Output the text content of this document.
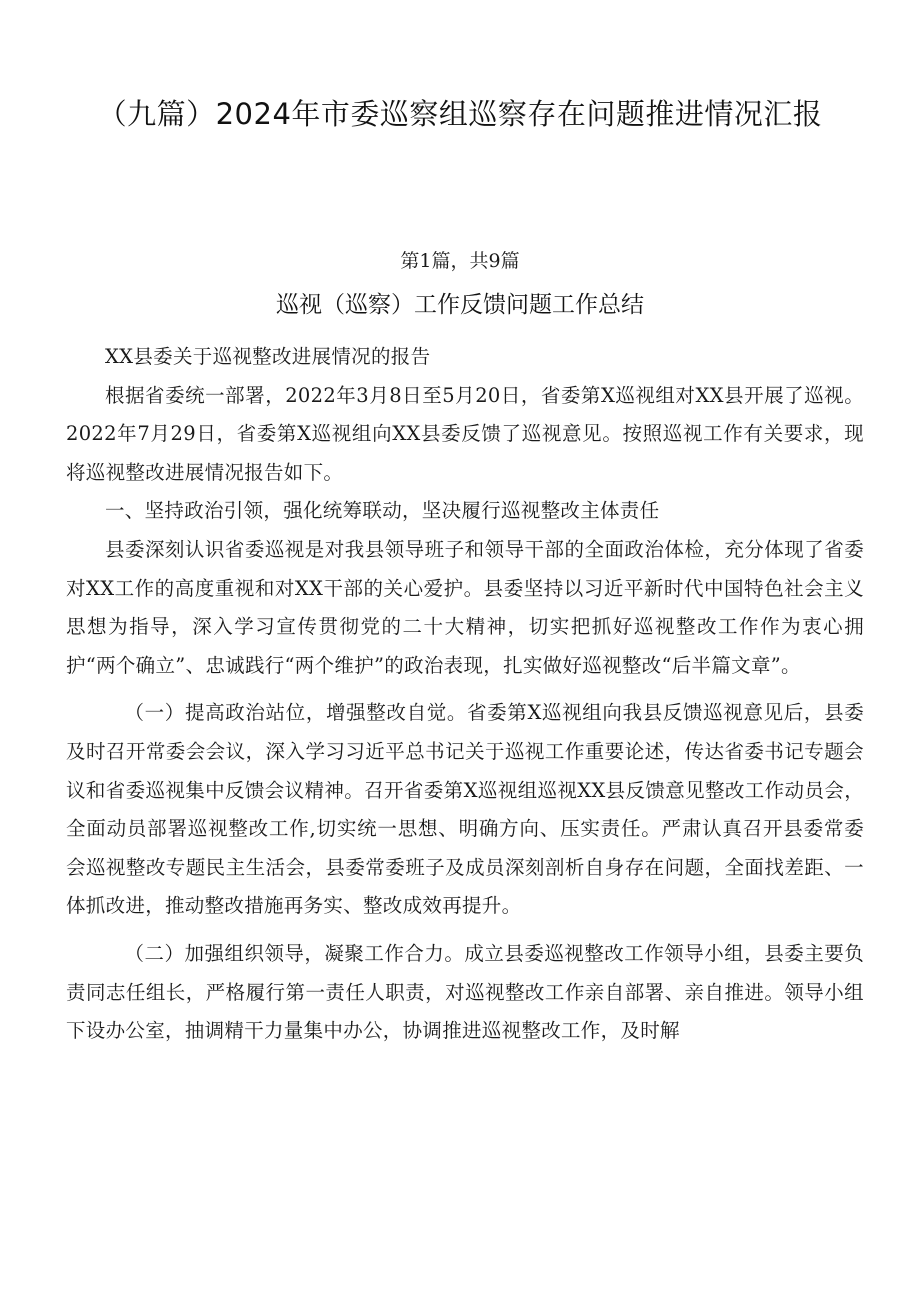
（九篇）2024年市委巡察组巡察存在问题推进情况汇报
第1篇，共9篇
巡视（巡察）工作反馈问题工作总结

XX县委关于巡视整改进展情况的报告

根据省委统一部署，2022年3月8日至5月20日，省委第X巡视组对XX县开展了巡视。2022年7月29日，省委第X巡视组向XX县委反馈了巡视意见。按照巡视工作有关要求，现将巡视整改进展情况报告如下。

一、坚持政治引领，强化统筹联动，坚决履行巡视整改主体责任

县委深刻认识省委巡视是对我县领导班子和领导干部的全面政治体检，充分体现了省委对XX工作的高度重视和对XX干部的关心爱护。县委坚持以习近平新时代中国特色社会主义思想为指导，深入学习宣传贯彻党的二十大精神，切实把抓好巡视整改工作作为衷心拥护“两个确立”、忠诚践行“两个维护”的政治表现，扎实做好巡视整改“后半篇文章”。

（一）提高政治站位，增强整改自觉。省委第X巡视组向我县反馈巡视意见后，县委及时召开常委会会议，深入学习习近平总书记关于巡视工作重要论述，传达省委书记专题会议和省委巡视集中反馈会议精神。召开省委第X巡视组巡视XX县反馈意见整改工作动员会，全面动员部署巡视整改工作,切实统一思想、明确方向、压实责任。严肃认真召开县委常委会巡视整改专题民主生活会，县委常委班子及成员深刻剖析自身存在问题，全面找差距、一体抓改进，推动整改措施再务实、整改成效再提升。

（二）加强组织领导，凝聚工作合力。成立县委巡视整改工作领导小组，县委主要负责同志任组长，严格履行第一责任人职责，对巡视整改工作亲自部署、亲自推进。领导小组下设办公室，抽调精干力量集中办公，协调推进巡视整改工作，及时解
